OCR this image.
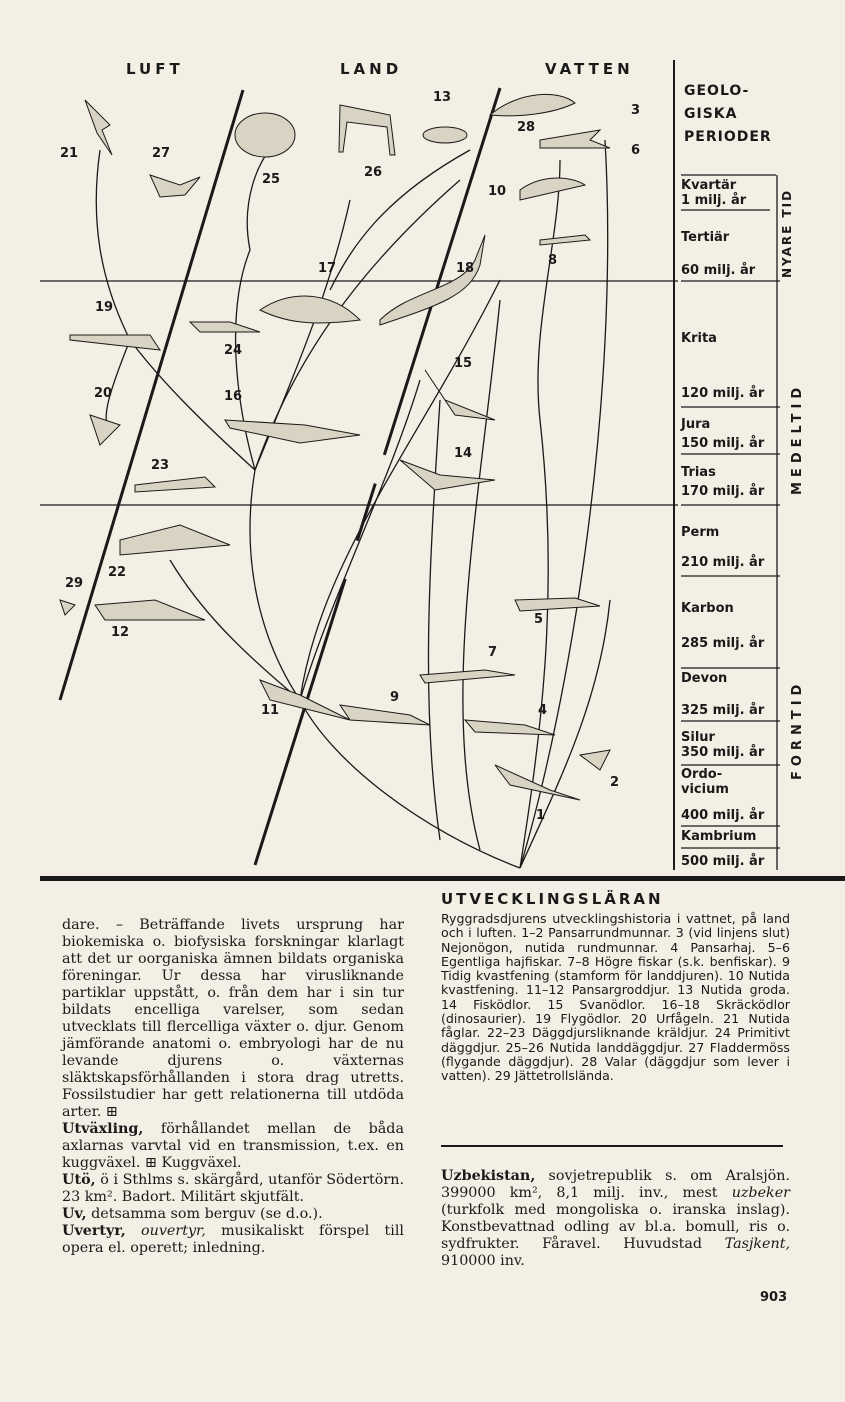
LUFT	LAND	VATTEN
1
2
3
4
5
6
7
8
9
10
11
12
13
14
15
16
17	18
19
20
21
22
23
24
25	26
27
28
29
GEOLO-
GISKA
PERIODER
Kvartär
1 milj. år
Tertiär
60 milj. år
Krita
120 milj. år
Jura
150 milj. år
Trias
170 milj. år
Perm
210 milj. år
Karbon
285 milj. år
Devon
325 milj. år
Silur
350 milj. år
Ordo- vicium
400 milj. år
Kambrium
500 milj. år
NYARE TID
MEDELTID
FORNTID

dare. – Beträffande livets ursprung har biokemiska o. biofysiska forskningar klarlagt att det ur oorganiska ämnen bildats organiska föreningar. Ur dessa har virusliknande partiklar uppstått, o. från dem har i sin tur bildats encelliga varelser, som sedan utvecklats till flercelliga växter o. djur. Genom jämförande anatomi o. embryologi har de nu levande djurens o. växternas släktskapsförhållanden i stora drag utretts. Fossilstudier har gett relationerna till utdöda arter. ⊞

Utväxling, förhållandet mellan de båda axlarnas varvtal vid en transmission, t.ex. en kuggväxel. ⊞ Kuggväxel.

Utö, ö i Sthlms s. skärgård, utanför Södertörn. 23 km². Badort. Militärt skjutfält.

Uv, detsamma som berguv (se d.o.).

Uvertyr, ouvertyr, musikaliskt förspel till opera el. operett; inledning.

UTVECKLINGSLÄRAN

Ryggradsdjurens utvecklingshistoria i vattnet, på land och i luften. 1–2 Pansarrundmunnar. 3 (vid linjens slut) Nejonögon, nutida rundmunnar. 4 Pansarhaj. 5–6 Egentliga hajfiskar. 7–8 Högre fiskar (s.k. benfiskar). 9 Tidig kvastfening (stamform för landdjuren). 10 Nutida kvastfening. 11–12 Pansargroddjur. 13 Nutida groda. 14 Fisködlor. 15 Svanödlor. 16–18 Skräcködlor (dinosaurier). 19 Flygödlor. 20 Urfågeln. 21 Nutida fåglar. 22–23 Däggdjursliknande kräldjur. 24 Primitivt däggdjur. 25–26 Nutida landdäggdjur. 27 Fladdermöss (flygande däggdjur). 28 Valar (däggdjur som lever i vatten). 29 Jättetrollslända.

Uzbekistan, sovjetrepublik s. om Aralsjön. 399000 km², 8,1 milj. inv., mest uzbeker (turkfolk med mongoliska o. iranska inslag). Konstbevattnad odling av bl.a. bomull, ris o. sydfrukter. Fåravel. Huvudstad Tasjkent, 910000 inv.

903
